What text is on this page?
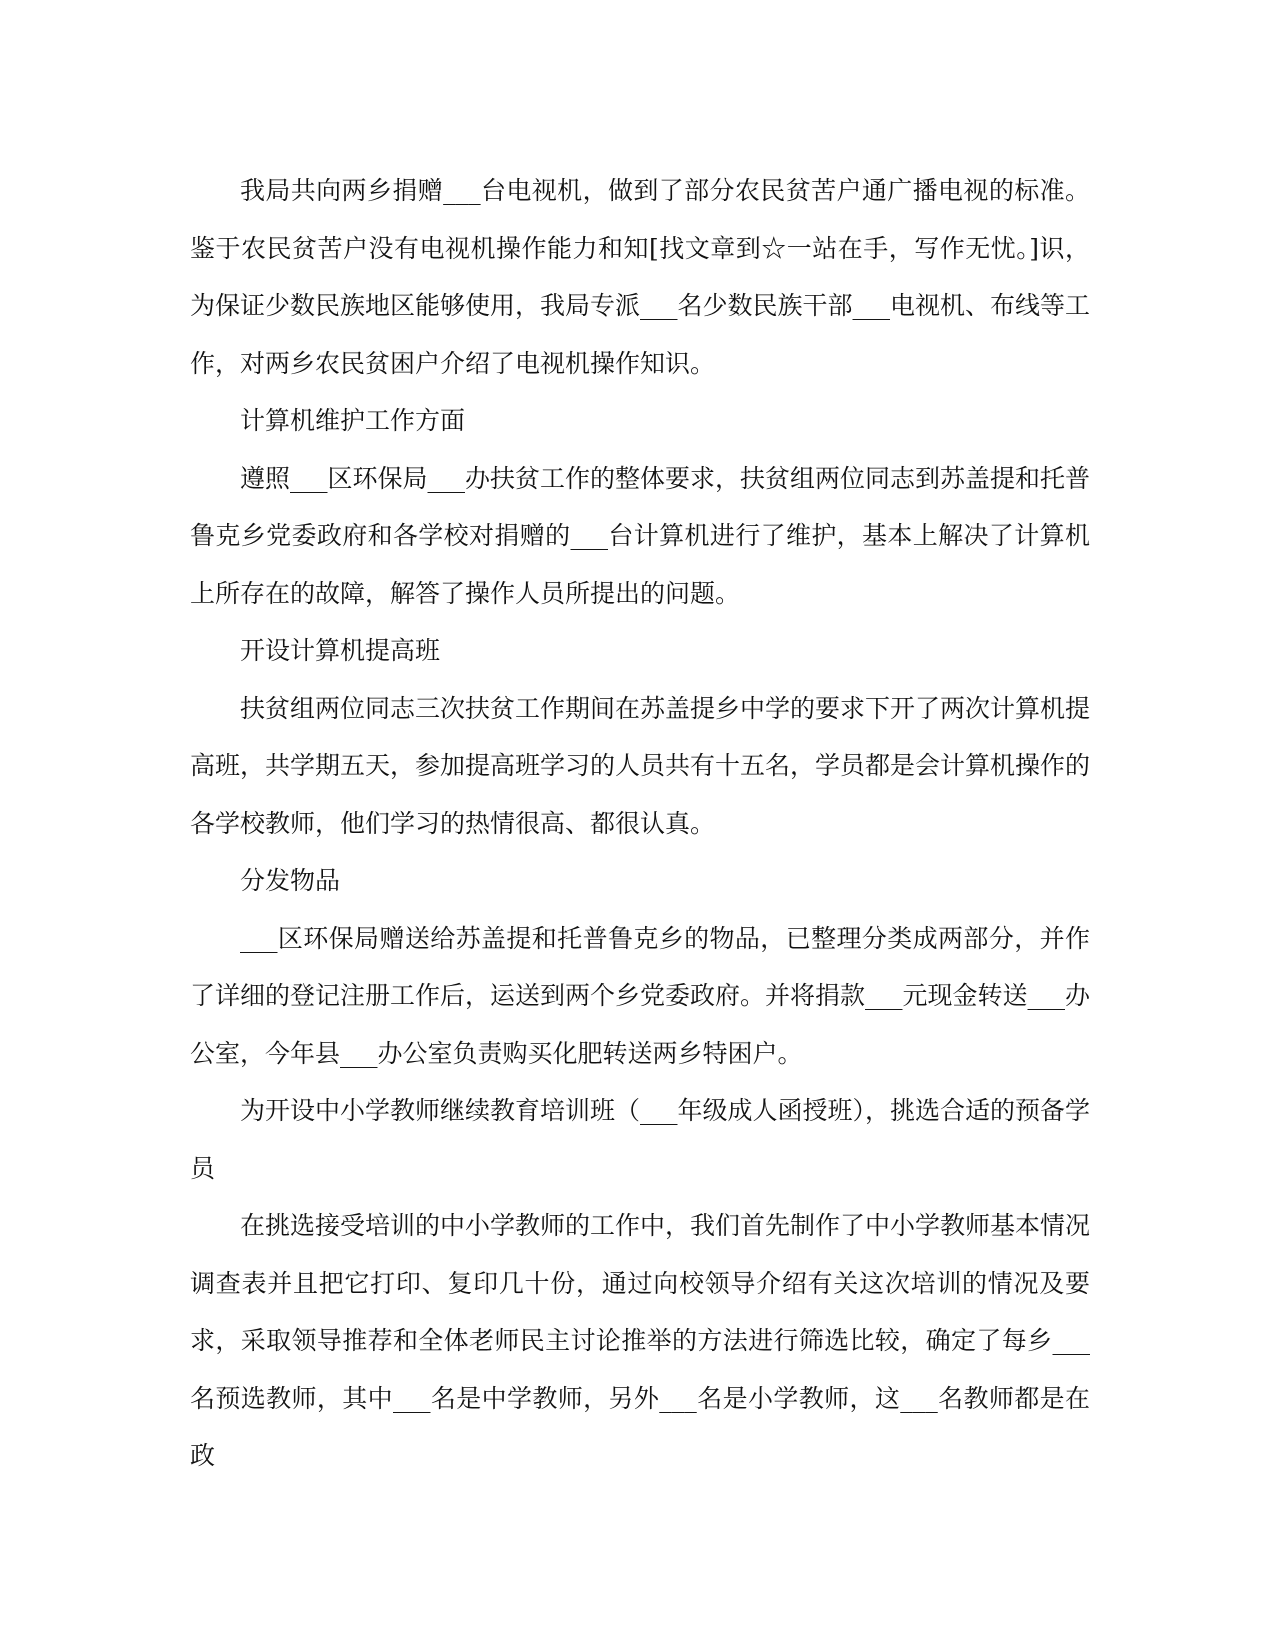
我局共向两乡捐赠___台电视机，做到了部分农民贫苦户通广播电视的标准。鉴于农民贫苦户没有电视机操作能力和知[找文章到☆一站在手，写作无忧。]识，为保证少数民族地区能够使用，我局专派___名少数民族干部___电视机、布线等工作，对两乡农民贫困户介绍了电视机操作知识。

计算机维护工作方面

遵照___区环保局___办扶贫工作的整体要求，扶贫组两位同志到苏盖提和托普鲁克乡党委政府和各学校对捐赠的___台计算机进行了维护，基本上解决了计算机上所存在的故障，解答了操作人员所提出的问题。

开设计算机提高班

扶贫组两位同志三次扶贫工作期间在苏盖提乡中学的要求下开了两次计算机提高班，共学期五天，参加提高班学习的人员共有十五名，学员都是会计算机操作的各学校教师，他们学习的热情很高、都很认真。

分发物品

___区环保局赠送给苏盖提和托普鲁克乡的物品，已整理分类成两部分，并作了详细的登记注册工作后，运送到两个乡党委政府。并将捐款___元现金转送___办公室，今年县___办公室负责购买化肥转送两乡特困户。

为开设中小学教师继续教育培训班（___年级成人函授班），挑选合适的预备学员

在挑选接受培训的中小学教师的工作中，我们首先制作了中小学教师基本情况调查表并且把它打印、复印几十份，通过向校领导介绍有关这次培训的情况及要求，采取领导推荐和全体老师民主讨论推举的方法进行筛选比较，确定了每乡___名预选教师，其中___名是中学教师，另外___名是小学教师，这___名教师都是在政
